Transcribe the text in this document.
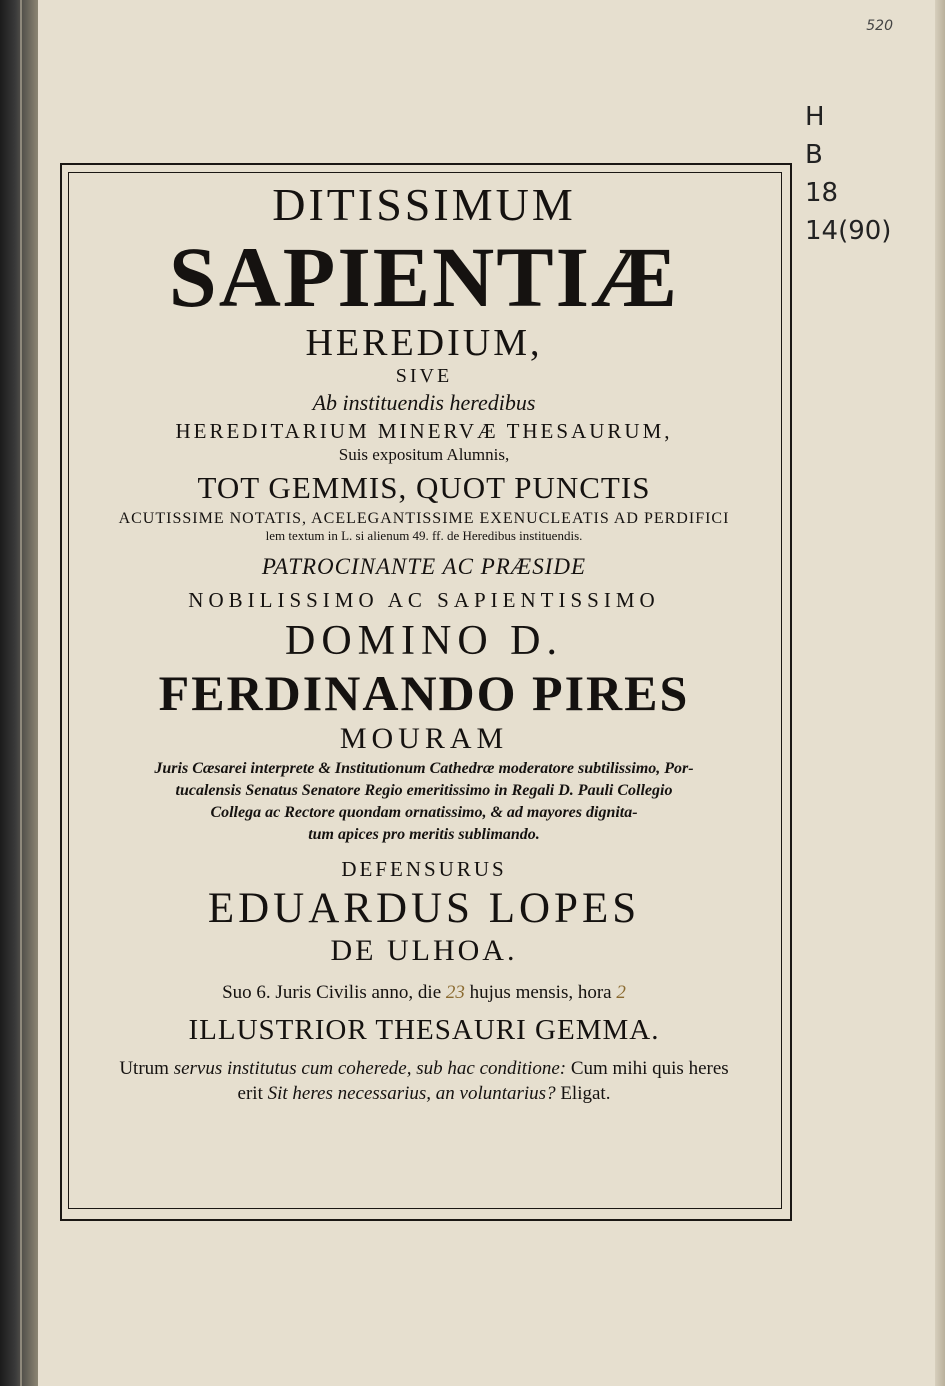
520
H
B
18
14(90)
DITISSIMUM
SAPIENTIÆ
HEREDIUM,
SIVE
Ab instituendis heredibus
HEREDITARIUM MINERVÆ THESAURUM,
Suis expositum Alumnis,
TOT GEMMIS, QUOT PUNCTIS
ACUTISSIME NOTATIS, ACELEGANTISSIME EXENUCLEATIS AD PERDIFICI
lem textum in L. si alienum 49. ff. de Heredibus instituendis.
PATROCINANTE AC PRÆSIDE
NOBILISSIMO AC SAPIENTISSIMO
DOMINO D.
FERDINANDO PIRES
MOURAM
Juris Cæsarei interprete & Institutionum Cathedræ moderatore subtilissimo, Por-
tucalensis Senatus Senatore Regio emeritissimo in Regali D. Pauli Collegio
Collega ac Rectore quondam ornatissimo, & ad mayores dignita-
tum apices pro meritis sublimando.
DEFENSURUS
EDUARDUS LOPES
DE ULHOA.
Suo 6. Juris Civilis anno, die 23 hujus mensis, hora 2
ILLUSTRIOR THESAURI GEMMA.
Utrum servus institutus cum coherede, sub hac conditione: Cum mihi quis heres
erit Sit heres necessarius, an voluntarius? Eligat.
